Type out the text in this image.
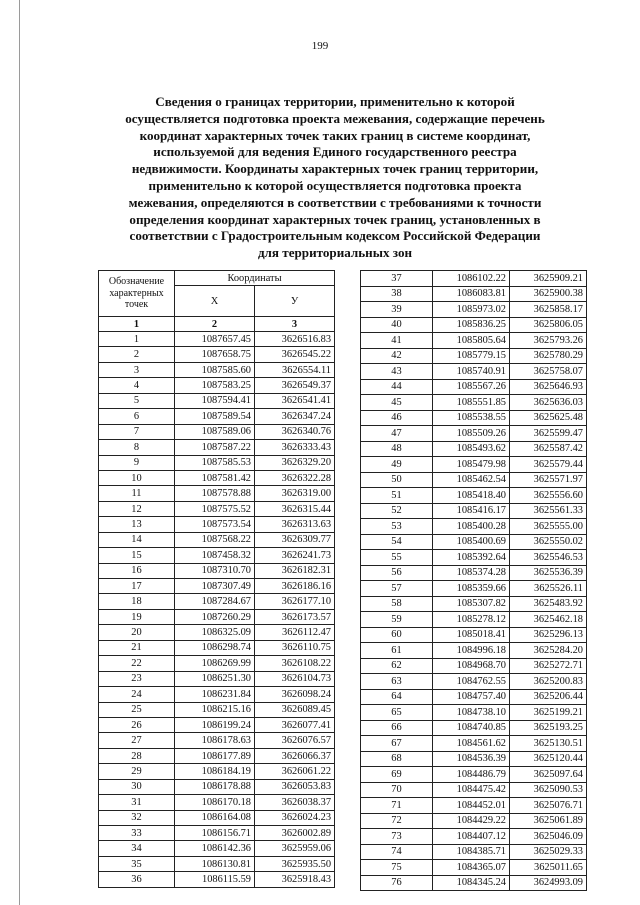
199
Сведения о границах территории, применительно к которой
осуществляется подготовка проекта межевания, содержащие перечень
координат характерных точек таких границ в системе координат,
используемой для ведения Единого государственного реестра
недвижимости. Координаты характерных точек границ территории,
применительно к которой осуществляется подготовка проекта
межевания, определяются в соответствии с требованиями к точности
определения координат характерных точек границ, установленных в
соответствии с Градостроительным кодексом Российской Федерации
для территориальных зон
Обозначение
характерных
точек	Координаты	
	X	У
1	2	3
1	1087657.45	3626516.83
2	1087658.75	3626545.22
3	1087585.60	3626554.11
4	1087583.25	3626549.37
5	1087594.41	3626541.41
6	1087589.54	3626347.24
7	1087589.06	3626340.76
8	1087587.22	3626333.43
9	1087585.53	3626329.20
10	1087581.42	3626322.28
11	1087578.88	3626319.00
12	1087575.52	3626315.44
13	1087573.54	3626313.63
14	1087568.22	3626309.77
15	1087458.32	3626241.73
16	1087310.70	3626182.31
17	1087307.49	3626186.16
18	1087284.67	3626177.10
19	1087260.29	3626173.57
20	1086325.09	3626112.47
21	1086298.74	3626110.75
22	1086269.99	3626108.22
23	1086251.30	3626104.73
24	1086231.84	3626098.24
25	1086215.16	3626089.45
26	1086199.24	3626077.41
27	1086178.63	3626076.57
28	1086177.89	3626066.37
29	1086184.19	3626061.22
30	1086178.88	3626053.83
31	1086170.18	3626038.37
32	1086164.08	3626024.23
33	1086156.71	3626002.89
34	1086142.36	3625959.06
35	1086130.81	3625935.50
36	1086115.59	3625918.43
37	1086102.22	3625909.21
38	1086083.81	3625900.38
39	1085973.02	3625858.17
40	1085836.25	3625806.05
41	1085805.64	3625793.26
42	1085779.15	3625780.29
43	1085740.91	3625758.07
44	1085567.26	3625646.93
45	1085551.85	3625636.03
46	1085538.55	3625625.48
47	1085509.26	3625599.47
48	1085493.62	3625587.42
49	1085479.98	3625579.44
50	1085462.54	3625571.97
51	1085418.40	3625556.60
52	1085416.17	3625561.33
53	1085400.28	3625555.00
54	1085400.69	3625550.02
55	1085392.64	3625546.53
56	1085374.28	3625536.39
57	1085359.66	3625526.11
58	1085307.82	3625483.92
59	1085278.12	3625462.18
60	1085018.41	3625296.13
61	1084996.18	3625284.20
62	1084968.70	3625272.71
63	1084762.55	3625200.83
64	1084757.40	3625206.44
65	1084738.10	3625199.21
66	1084740.85	3625193.25
67	1084561.62	3625130.51
68	1084536.39	3625120.44
69	1084486.79	3625097.64
70	1084475.42	3625090.53
71	1084452.01	3625076.71
72	1084429.22	3625061.89
73	1084407.12	3625046.09
74	1084385.71	3625029.33
75	1084365.07	3625011.65
76	1084345.24	3624993.09
